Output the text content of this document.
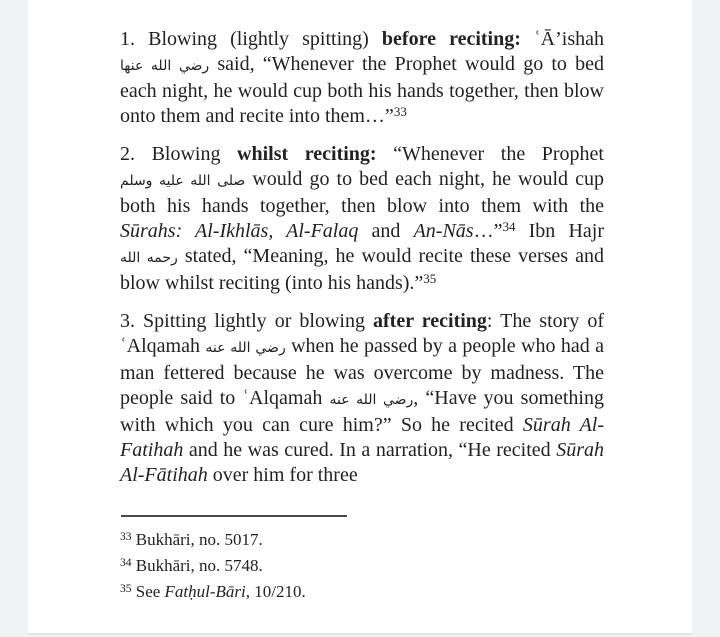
1. Blowing (lightly spitting) before reciting: ʿĀ’ishah رضي الله عنها said, “Whenever the Prophet would go to bed each night, he would cup both his hands together, then blow onto them and recite into them…”$^{33}$

2. Blowing whilst reciting: “Whenever the Prophet صلى الله عليه وسلم would go to bed each night, he would cup both his hands together, then blow into them with the Sūrahs: Al-Ikhlās, Al-Falaq and An-Nās…”$^{34}$ Ibn Hajr رحمه الله stated, “Meaning, he would recite these verses and blow whilst reciting (into his hands).”$^{35}$

3. Spitting lightly or blowing after reciting: The story of ʿAlqamah رضي الله عنه when he passed by a people who had a man fettered because he was overcome by madness. The people said to ʿAlqamah رضي الله عنه, “Have you something with which you can cure him?” So he recited Sūrah Al-Fatihah and he was cured. In a narration, “He recited Sūrah Al-Fātihah over him for three

$^{33}$ Bukhāri, no. 5017.

$^{34}$ Bukhāri, no. 5748.

$^{35}$ See Fatḥul-Bāri, 10/210.
